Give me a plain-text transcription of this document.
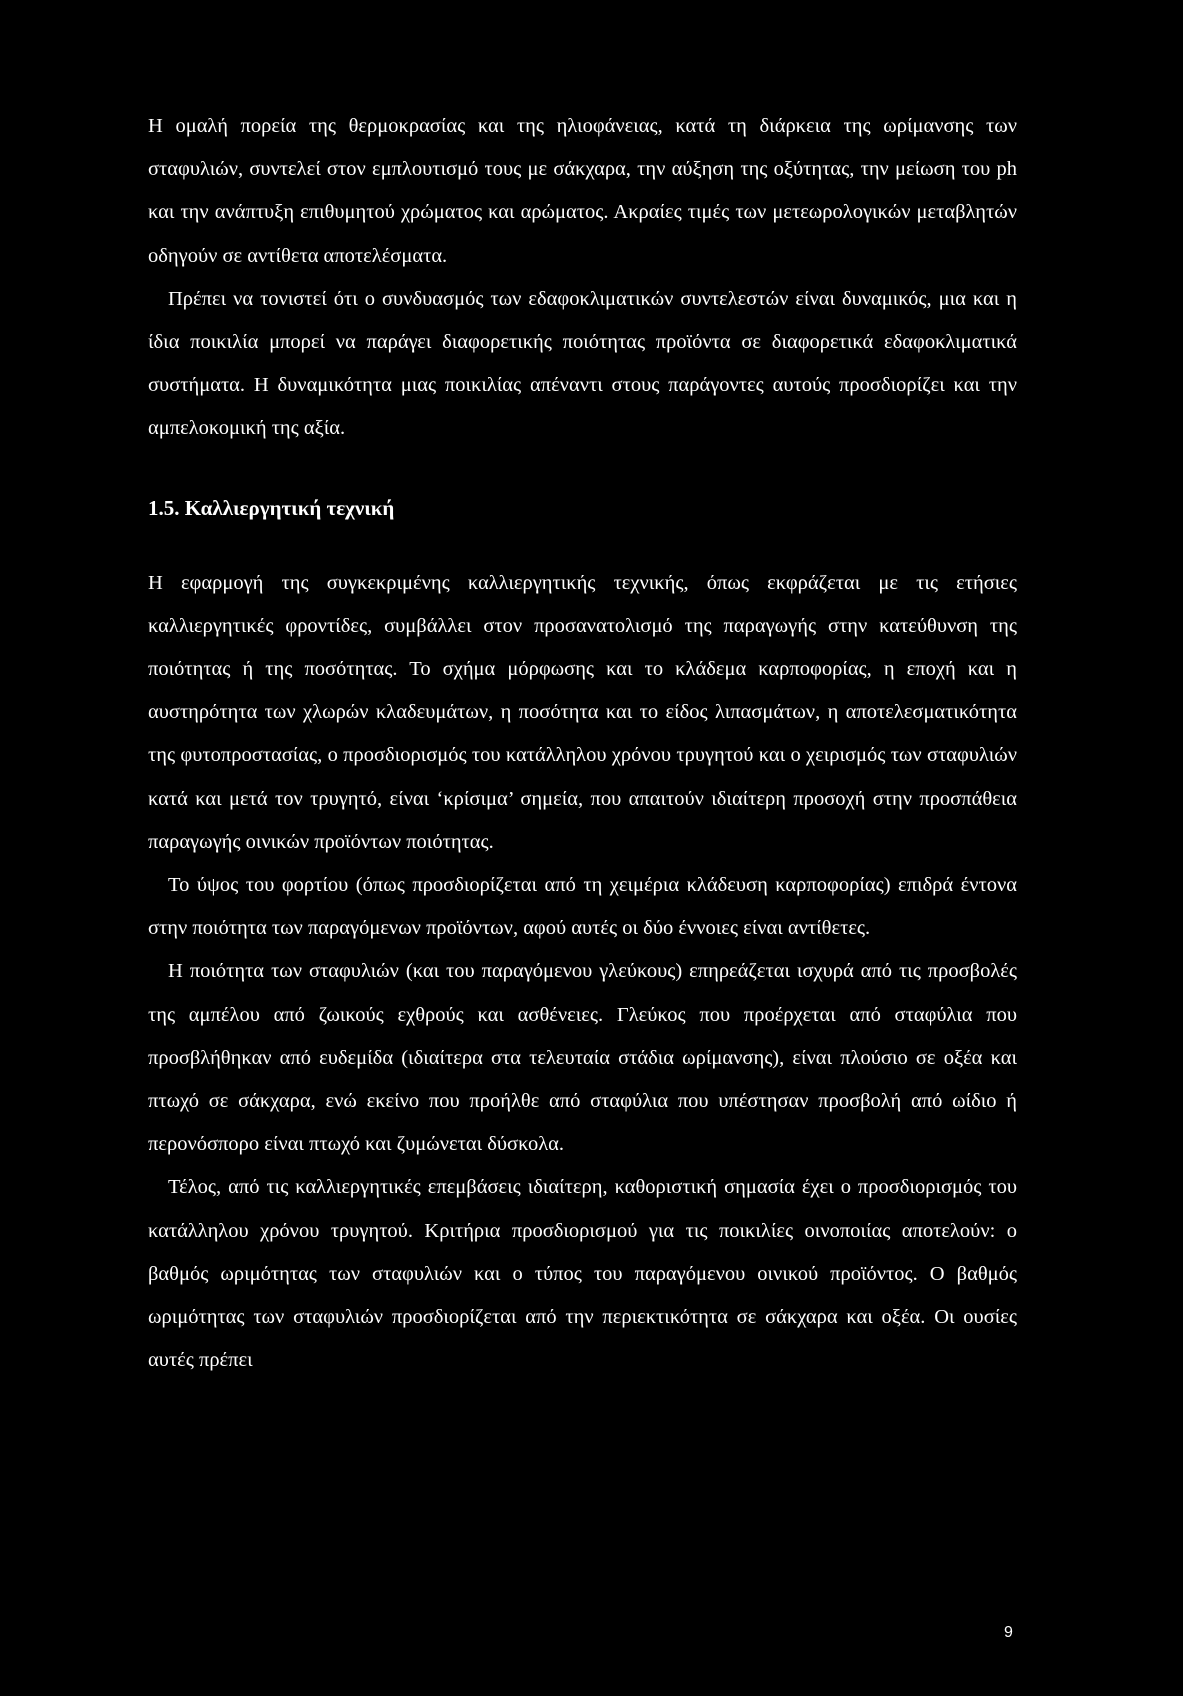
Η ομαλή πορεία της θερμοκρασίας και της ηλιοφάνειας, κατά τη διάρκεια της ωρίμανσης των σταφυλιών, συντελεί στον εμπλουτισμό τους με σάκχαρα, την αύξηση της οξύτητας, την μείωση του ph και την ανάπτυξη επιθυμητού χρώματος και αρώματος. Ακραίες τιμές των μετεωρολογικών μεταβλητών οδηγούν σε αντίθετα αποτελέσματα.

Πρέπει να τονιστεί ότι ο συνδυασμός των εδαφοκλιματικών συντελεστών είναι δυναμικός, μια και η ίδια ποικιλία μπορεί να παράγει διαφορετικής ποιότητας προϊόντα σε διαφορετικά εδαφοκλιματικά συστήματα. Η δυναμικότητα μιας ποικιλίας απέναντι στους παράγοντες αυτούς προσδιορίζει και την αμπελοκομική της αξία.

1.5. Καλλιεργητική τεχνική

Η εφαρμογή της συγκεκριμένης καλλιεργητικής τεχνικής, όπως εκφράζεται με τις ετήσιες καλλιεργητικές φροντίδες, συμβάλλει στον προσανατολισμό της παραγωγής στην κατεύθυνση της ποιότητας ή της ποσότητας. Το σχήμα μόρφωσης και το κλάδεμα καρποφορίας, η εποχή και η αυστηρότητα των χλωρών κλαδευμάτων, η ποσότητα και το είδος λιπασμάτων, η αποτελεσματικότητα της φυτοπροστασίας, ο προσδιορισμός του κατάλληλου χρόνου τρυγητού και ο χειρισμός των σταφυλιών κατά και μετά τον τρυγητό, είναι ‘κρίσιμα’ σημεία, που απαιτούν ιδιαίτερη προσοχή στην προσπάθεια παραγωγής οινικών προϊόντων ποιότητας.

Το ύψος του φορτίου (όπως προσδιορίζεται από τη χειμέρια κλάδευση καρποφορίας) επιδρά έντονα στην ποιότητα των παραγόμενων προϊόντων, αφού αυτές οι δύο έννοιες είναι αντίθετες.

Η ποιότητα των σταφυλιών (και του παραγόμενου γλεύκους) επηρεάζεται ισχυρά από τις προσβολές της αμπέλου από ζωικούς εχθρούς και ασθένειες. Γλεύκος που προέρχεται από σταφύλια που προσβλήθηκαν από ευδεμίδα (ιδιαίτερα στα τελευταία στάδια ωρίμανσης), είναι πλούσιο σε οξέα και πτωχό σε σάκχαρα, ενώ εκείνο που προήλθε από σταφύλια που υπέστησαν προσβολή από ωίδιο ή περονόσπορο είναι πτωχό και ζυμώνεται δύσκολα.

Τέλος, από τις καλλιεργητικές επεμβάσεις ιδιαίτερη, καθοριστική σημασία έχει ο προσδιορισμός του κατάλληλου χρόνου τρυγητού. Κριτήρια προσδιορισμού για τις ποικιλίες οινοποιίας αποτελούν: ο βαθμός ωριμότητας των σταφυλιών και ο τύπος του παραγόμενου οινικού προϊόντος. Ο βαθμός ωριμότητας των σταφυλιών προσδιορίζεται από την περιεκτικότητα σε σάκχαρα και οξέα. Οι ουσίες αυτές πρέπει

9
